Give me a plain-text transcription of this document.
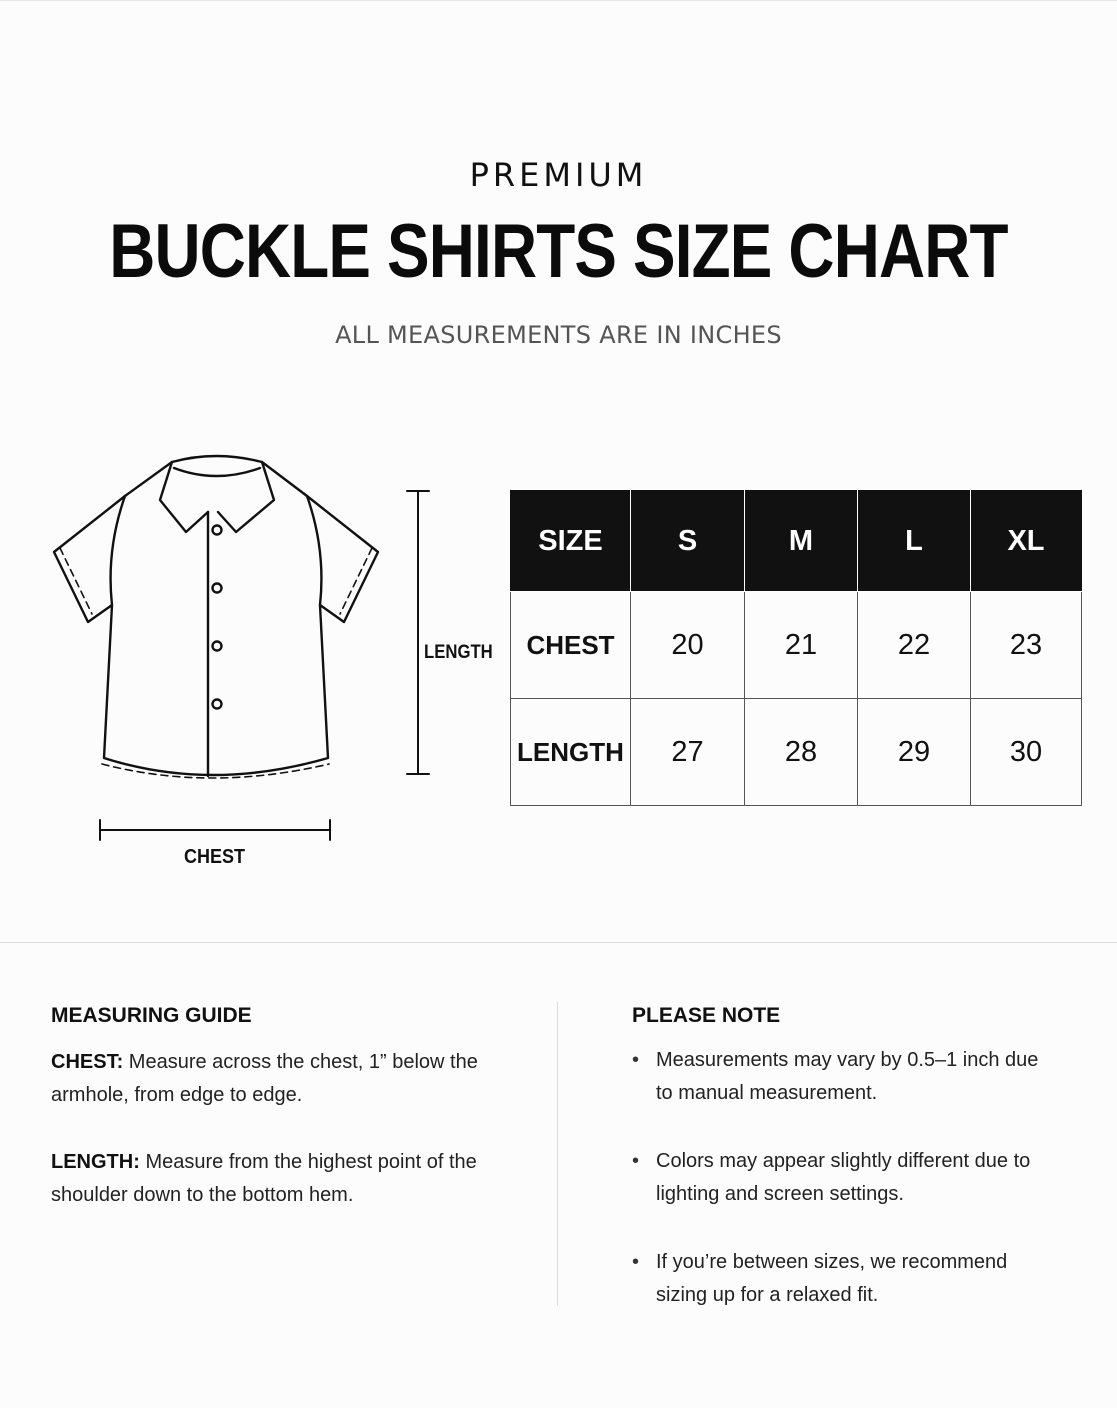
PREMIUM
BUCKLE SHIRTS SIZE CHART
ALL MEASUREMENTS ARE IN INCHES
LENGTH
CHEST
SIZE	S	M	L	XL
CHEST	20	21	22	23
LENGTH	27	28	29	30
MEASURING GUIDE
CHEST: Measure across the chest, 1” below the armhole, from edge to edge.
LENGTH: Measure from the highest point of the shoulder down to the bottom hem.
PLEASE NOTE
• Measurements may vary by 0.5–1 inch due to manual measurement.
• Colors may appear slightly different due to lighting and screen settings.
• If you’re between sizes, we recommend sizing up for a relaxed fit.
